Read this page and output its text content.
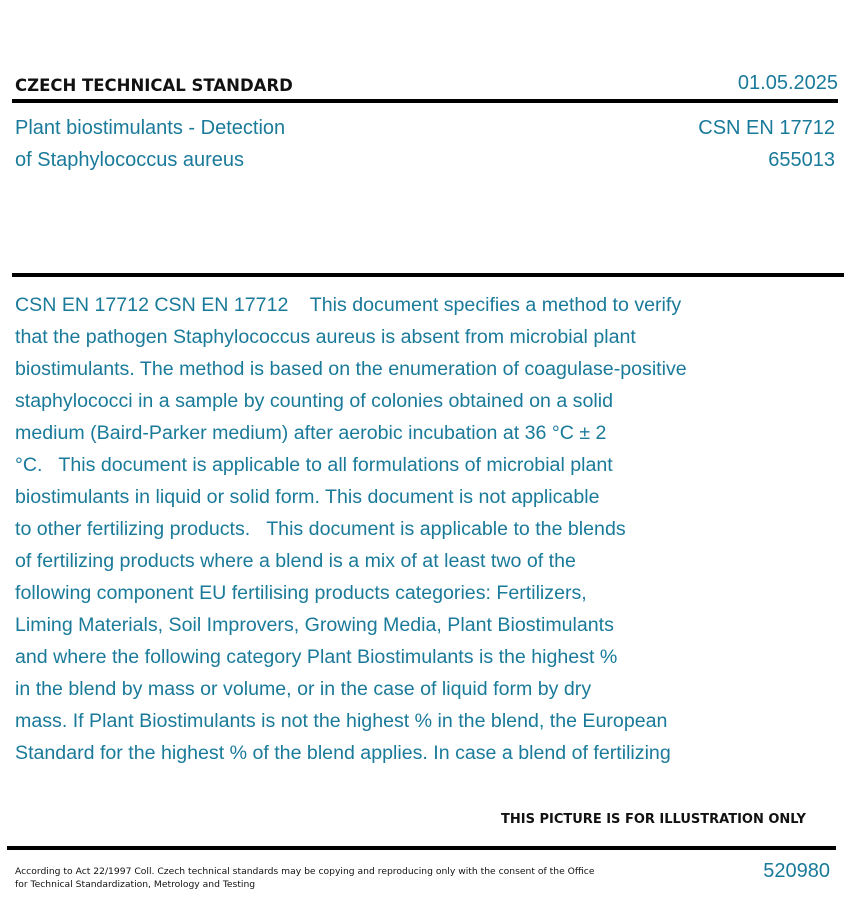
CZECH TECHNICAL STANDARD	01.05.2025
Plant biostimulants - Detection
of Staphylococcus aureus
CSN EN 17712
655013
CSN EN 17712 CSN EN 17712    This document specifies a method to verify
that the pathogen Staphylococcus aureus is absent from microbial plant
biostimulants. The method is based on the enumeration of coagulase-positive
staphylococci in a sample by counting of colonies obtained on a solid
medium (Baird-Parker medium) after aerobic incubation at 36 °C ± 2
°C.   This document is applicable to all formulations of microbial plant
biostimulants in liquid or solid form. This document is not applicable
to other fertilizing products.   This document is applicable to the blends
of fertilizing products where a blend is a mix of at least two of the
following component EU fertilising products categories: Fertilizers,
Liming Materials, Soil Improvers, Growing Media, Plant Biostimulants
and where the following category Plant Biostimulants is the highest %
in the blend by mass or volume, or in the case of liquid form by dry
mass. If Plant Biostimulants is not the highest % in the blend, the European
Standard for the highest % of the blend applies. In case a blend of fertilizing
THIS PICTURE IS FOR ILLUSTRATION ONLY
According to Act 22/1997 Coll. Czech technical standards may be copying and reproducing only with the consent of the Office
for Technical Standardization, Metrology and Testing
520980
